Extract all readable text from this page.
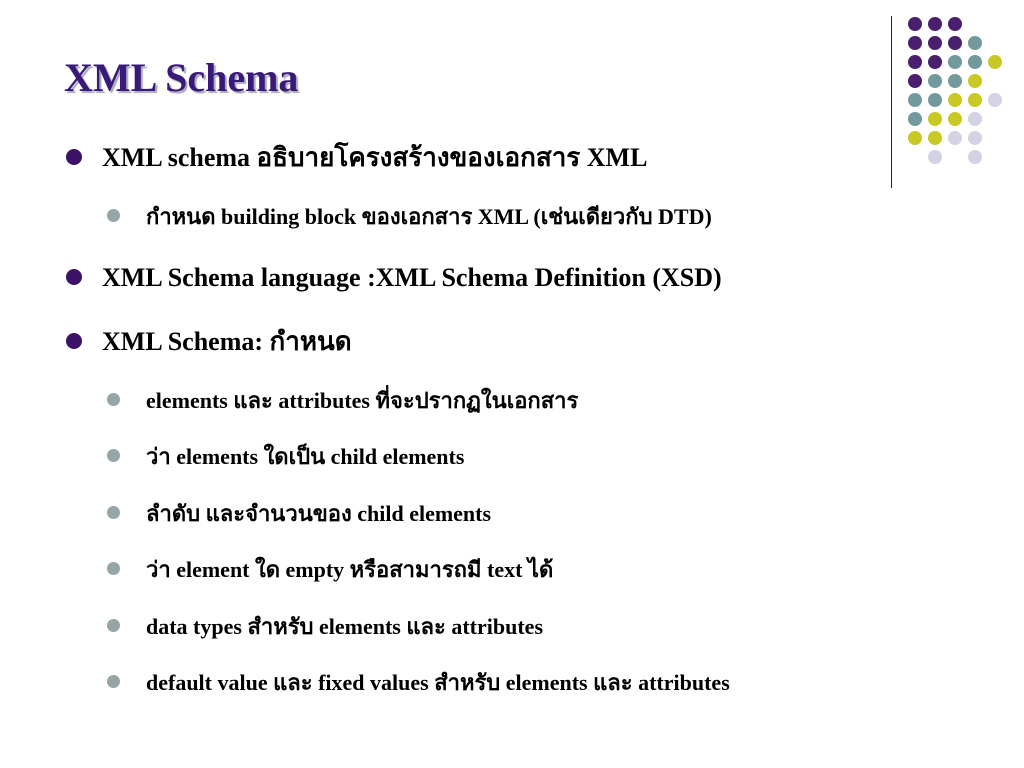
XML Schema
XML schema อธิบายโครงสร้างของเอกสาร XML
กำหนด building block ของเอกสาร XML (เช่นเดียวกับ DTD)
XML Schema language :XML Schema Definition (XSD)
XML Schema: กำหนด
elements และ attributes ที่จะปรากฏในเอกสาร
ว่า elements ใดเป็น child elements
ลำดับ และจำนวนของ child elements
ว่า element ใด empty หรือสามารถมี text ได้
data types สำหรับ elements และ attributes
default value และ fixed values สำหรับ elements และ attributes
